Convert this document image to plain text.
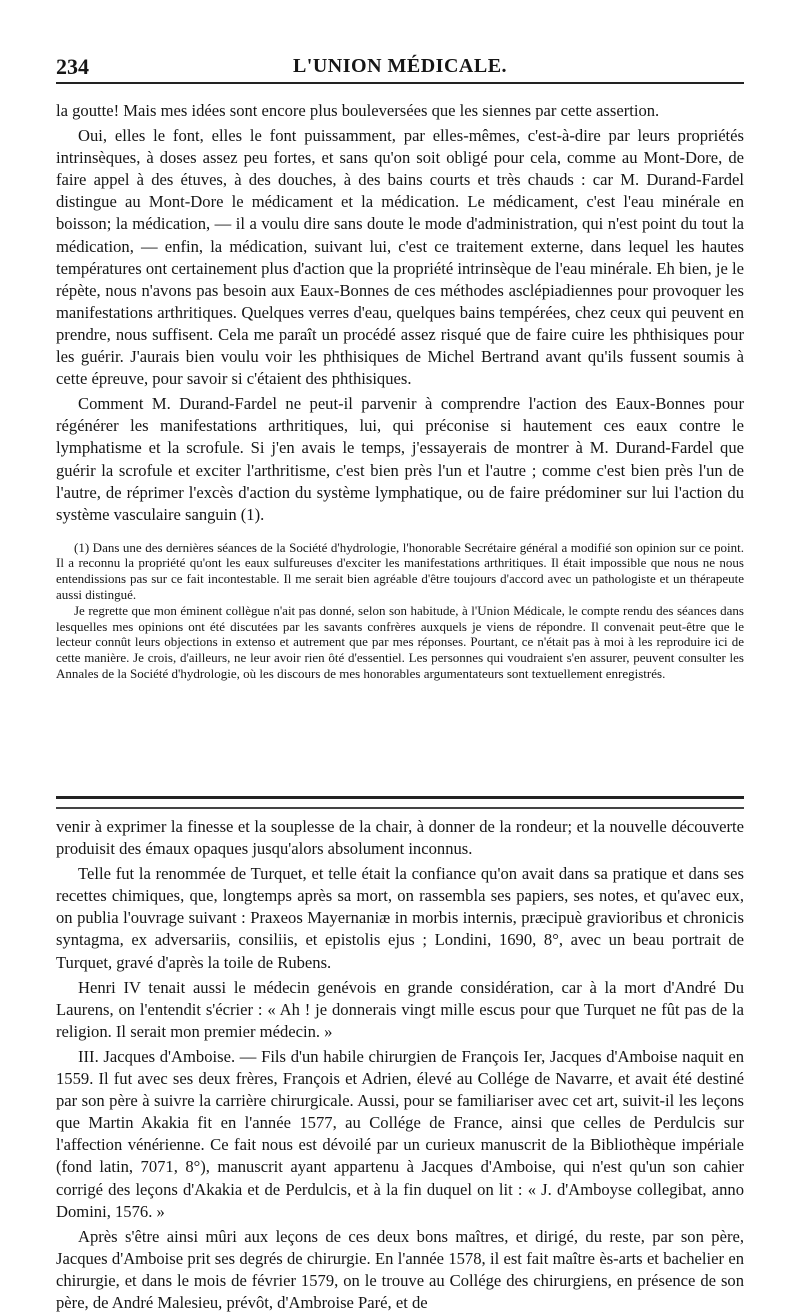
234	L'UNION MÉDICALE.

la goutte! Mais mes idées sont encore plus bouleversées que les siennes par cette assertion.

Oui, elles le font, elles le font puissamment, par elles-mêmes, c'est-à-dire par leurs propriétés intrinsèques, à doses assez peu fortes, et sans qu'on soit obligé pour cela, comme au Mont-Dore, de faire appel à des étuves, à des douches, à des bains courts et très chauds : car M. Durand-Fardel distingue au Mont-Dore le médicament et la médication. Le médicament, c'est l'eau minérale en boisson; la médication, — il a voulu dire sans doute le mode d'administration, qui n'est point du tout la médication, — enfin, la médication, suivant lui, c'est ce traitement externe, dans lequel les hautes températures ont certainement plus d'action que la propriété intrinsèque de l'eau minérale. Eh bien, je le répète, nous n'avons pas besoin aux Eaux-Bonnes de ces méthodes asclépiadiennes pour provoquer les manifestations arthritiques. Quelques verres d'eau, quelques bains tempérées, chez ceux qui peuvent en prendre, nous suffisent. Cela me paraît un procédé assez risqué que de faire cuire les phthisiques pour les guérir. J'aurais bien voulu voir les phthisiques de Michel Bertrand avant qu'ils fussent soumis à cette épreuve, pour savoir si c'étaient des phthisiques.

Comment M. Durand-Fardel ne peut-il parvenir à comprendre l'action des Eaux-Bonnes pour régénérer les manifestations arthritiques, lui, qui préconise si hautement ces eaux contre le lymphatisme et la scrofule. Si j'en avais le temps, j'essayerais de montrer à M. Durand-Fardel que guérir la scrofule et exciter l'arthritisme, c'est bien près l'un et l'autre ; comme c'est bien près l'un de l'autre, de réprimer l'excès d'action du système lymphatique, ou de faire prédominer sur lui l'action du système vasculaire sanguin (1).

(1) Dans une des dernières séances de la Société d'hydrologie, l'honorable Secrétaire général a modifié son opinion sur ce point. Il a reconnu la propriété qu'ont les eaux sulfureuses d'exciter les manifestations arthritiques. Il était impossible que nous ne nous entendissions pas sur ce fait incontestable. Il me serait bien agréable d'être toujours d'accord avec un pathologiste et un thérapeute aussi distingué.

Je regrette que mon éminent collègue n'ait pas donné, selon son habitude, à l'Union Médicale, le compte rendu des séances dans lesquelles mes opinions ont été discutées par les savants confrères auxquels je viens de répondre. Il convenait peut-être que le lecteur connût leurs objections in extenso et autrement que par mes réponses. Pourtant, ce n'était pas à moi à les reproduire ici de cette manière. Je crois, d'ailleurs, ne leur avoir rien ôté d'essentiel. Les personnes qui voudraient s'en assurer, peuvent consulter les Annales de la Société d'hydrologie, où les discours de mes honorables argumentateurs sont textuellement enregistrés.

venir à exprimer la finesse et la souplesse de la chair, à donner de la rondeur; et la nouvelle découverte produisit des émaux opaques jusqu'alors absolument inconnus.

Telle fut la renommée de Turquet, et telle était la confiance qu'on avait dans sa pratique et dans ses recettes chimiques, que, longtemps après sa mort, on rassembla ses papiers, ses notes, et qu'avec eux, on publia l'ouvrage suivant : Praxeos Mayernaniæ in morbis internis, præcipuè gravioribus et chronicis syntagma, ex adversariis, consiliis, et epistolis ejus ; Londini, 1690, 8°, avec un beau portrait de Turquet, gravé d'après la toile de Rubens.

Henri IV tenait aussi le médecin genévois en grande considération, car à la mort d'André Du Laurens, on l'entendit s'écrier : « Ah ! je donnerais vingt mille escus pour que Turquet ne fût pas de la religion. Il serait mon premier médecin. »

III. Jacques d'Amboise. — Fils d'un habile chirurgien de François Ier, Jacques d'Amboise naquit en 1559. Il fut avec ses deux frères, François et Adrien, élevé au Collége de Navarre, et avait été destiné par son père à suivre la carrière chirurgicale. Aussi, pour se familiariser avec cet art, suivit-il les leçons que Martin Akakia fit en l'année 1577, au Collége de France, ainsi que celles de Perdulcis sur l'affection vénérienne. Ce fait nous est dévoilé par un curieux manuscrit de la Bibliothèque impériale (fond latin, 7071, 8°), manuscrit ayant appartenu à Jacques d'Amboise, qui n'est qu'un son cahier corrigé des leçons d'Akakia et de Perdulcis, et à la fin duquel on lit : « J. d'Amboyse collegibat, anno Domini, 1576. »

Après s'être ainsi mûri aux leçons de ces deux bons maîtres, et dirigé, du reste, par son père, Jacques d'Amboise prit ses degrés de chirurgie. En l'année 1578, il est fait maître ès-arts et bachelier en chirurgie, et dans le mois de février 1579, on le trouve au Collége des chirurgiens, en présence de son père, de André Malesieu, prévôt, d'Ambroise Paré, et de
